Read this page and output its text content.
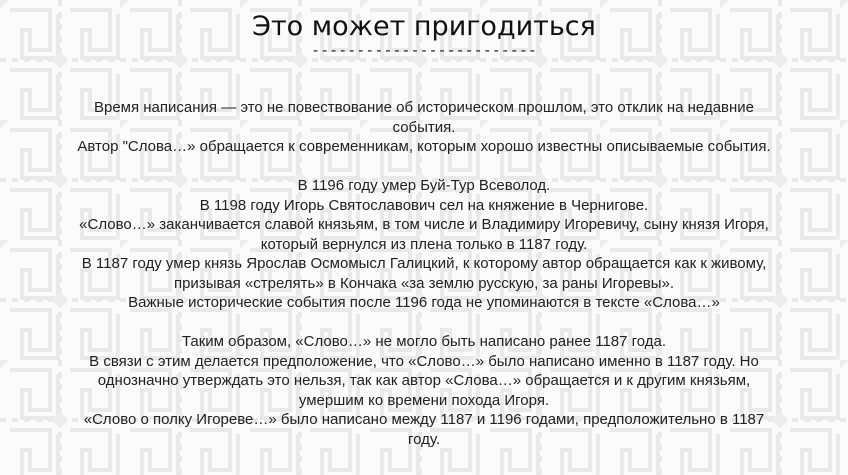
Это может пригодиться
-------------------------
Время написания — это не повествование об историческом прошлом, это отклик на недавние
события.
Автор "Слова…» обращается к современникам, которым хорошо известны описываемые события.
В 1196 году умер Буй-Тур Всеволод.
В 1198 году Игорь Святославович сел на княжение в Чернигове.
«Слово…» заканчивается славой князьям, в том числе и Владимиру Игоревичу, сыну князя Игоря,
который вернулся из плена только в 1187 году.
В 1187 году умер князь Ярослав Осмомысл Галицкий, к которому автор обращается как к живому,
призывая «стрелять» в Кончака «за землю русскую, за раны Игоревы».
Важные исторические события после 1196 года не упоминаются в тексте «Слова…»
Таким образом, «Слово…» не могло быть написано ранее 1187 года.
В связи с этим делается предположение, что «Слово…» было написано именно в 1187 году. Но
однозначно утверждать это нельзя, так как автор «Слова…» обращается и к другим князьям,
умершим ко времени похода Игоря.
«Слово о полку Игореве…» было написано между 1187 и 1196 годами, предположительно в 1187
году.
